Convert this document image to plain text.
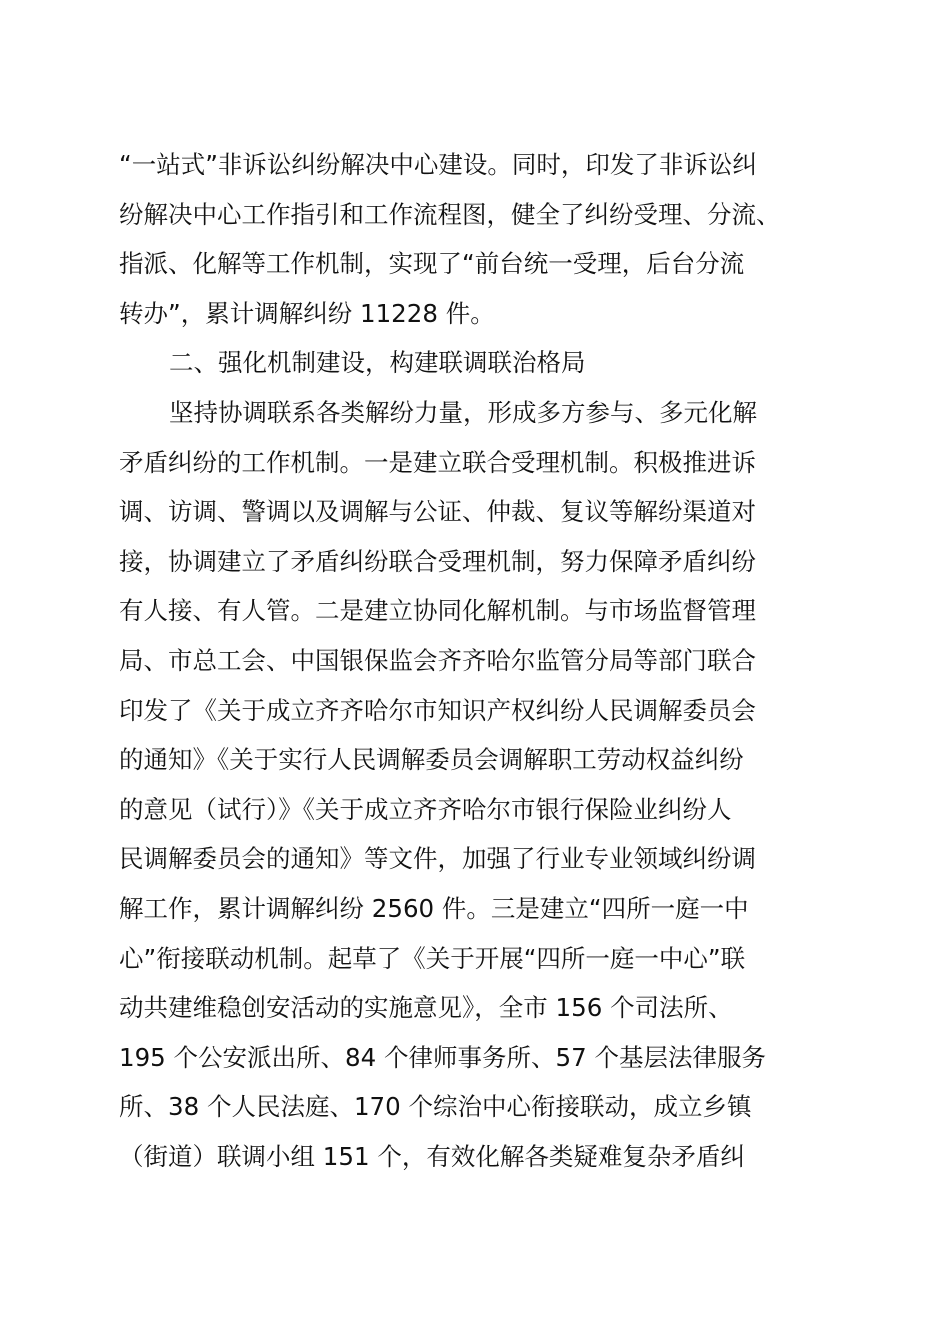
“一站式”非诉讼纠纷解决中心建设。同时，印发了非诉讼纠
纷解决中心工作指引和工作流程图，健全了纠纷受理、分流、
指派、化解等工作机制，实现了“前台统一受理，后台分流
转办”，累计调解纠纷 11228 件。
二、强化机制建设，构建联调联治格局
坚持协调联系各类解纷力量，形成多方参与、多元化解
矛盾纠纷的工作机制。一是建立联合受理机制。积极推进诉
调、访调、警调以及调解与公证、仲裁、复议等解纷渠道对
接，协调建立了矛盾纠纷联合受理机制，努力保障矛盾纠纷
有人接、有人管。二是建立协同化解机制。与市场监督管理
局、市总工会、中国银保监会齐齐哈尔监管分局等部门联合
印发了《关于成立齐齐哈尔市知识产权纠纷人民调解委员会
的通知》《关于实行人民调解委员会调解职工劳动权益纠纷
的意见（试行）》《关于成立齐齐哈尔市银行保险业纠纷人
民调解委员会的通知》等文件，加强了行业专业领域纠纷调
解工作，累计调解纠纷 2560 件。三是建立“四所一庭一中
心”衔接联动机制。起草了《关于开展“四所一庭一中心”联
动共建维稳创安活动的实施意见》，全市 156 个司法所、
195 个公安派出所、84 个律师事务所、57 个基层法律服务
所、38 个人民法庭、170 个综治中心衔接联动，成立乡镇
（街道）联调小组 151 个，有效化解各类疑难复杂矛盾纠
